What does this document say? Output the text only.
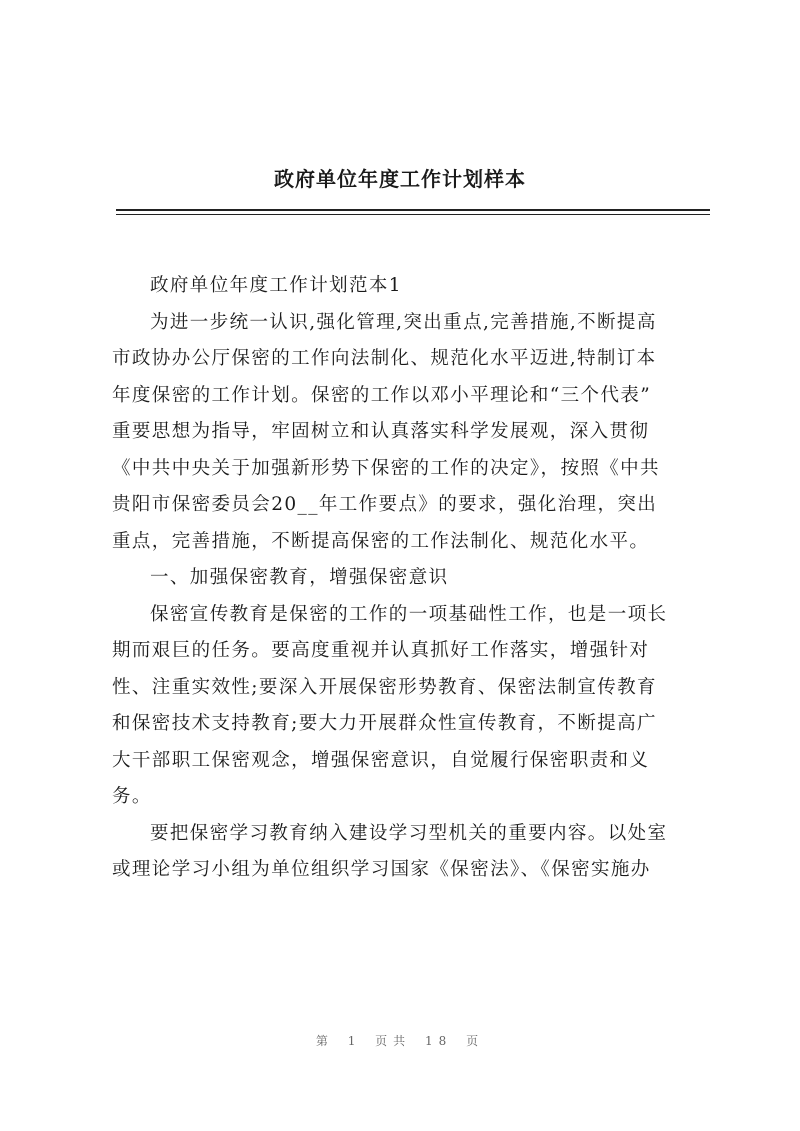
政府单位年度工作计划样本
政府单位年度工作计划范本1
为进一步统一认识,强化管理,突出重点,完善措施,不断提高
市政协办公厅保密的工作向法制化、规范化水平迈进,特制订本
年度保密的工作计划。保密的工作以邓小平理论和“三个代表”
重要思想为指导，牢固树立和认真落实科学发展观，深入贯彻
《中共中央关于加强新形势下保密的工作的决定》，按照《中共
贵阳市保密委员会20__年工作要点》的要求，强化治理，突出
重点，完善措施，不断提高保密的工作法制化、规范化水平。
一、加强保密教育，增强保密意识
保密宣传教育是保密的工作的一项基础性工作，也是一项长
期而艰巨的任务。要高度重视并认真抓好工作落实，增强针对
性、注重实效性;要深入开展保密形势教育、保密法制宣传教育
和保密技术支持教育;要大力开展群众性宣传教育，不断提高广
大干部职工保密观念，增强保密意识，自觉履行保密职责和义
务。
要把保密学习教育纳入建设学习型机关的重要内容。以处室
或理论学习小组为单位组织学习国家《保密法》、《保密实施办
第 1 页共 18 页
